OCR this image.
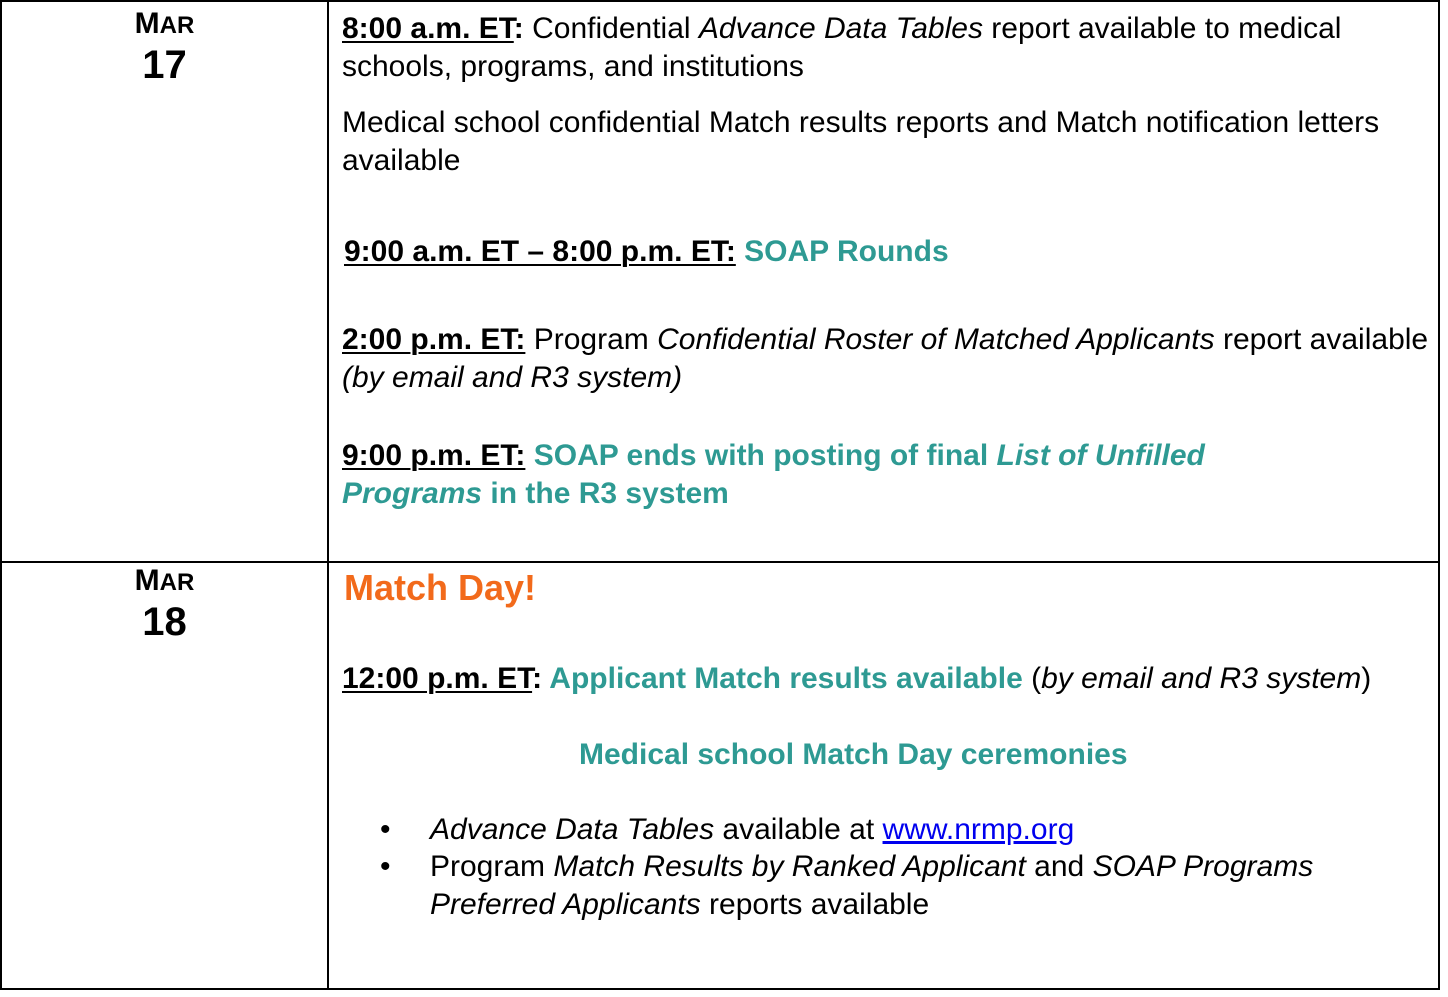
MAR
17
8:00 a.m. ET: Confidential Advance Data Tables report available to medical schools, programs, and institutions
Medical school confidential Match results reports and Match notification letters available
9:00 a.m. ET – 8:00 p.m. ET: SOAP Rounds
2:00 p.m. ET: Program Confidential Roster of Matched Applicants report available (by email and R3 system)
9:00 p.m. ET: SOAP ends with posting of final List of Unfilled Programs in the R3 system
MAR
18
Match Day!
12:00 p.m. ET: Applicant Match results available (by email and R3 system)
Medical school Match Day ceremonies
• Advance Data Tables available at www.nrmp.org
• Program Match Results by Ranked Applicant and SOAP Programs Preferred Applicants reports available
